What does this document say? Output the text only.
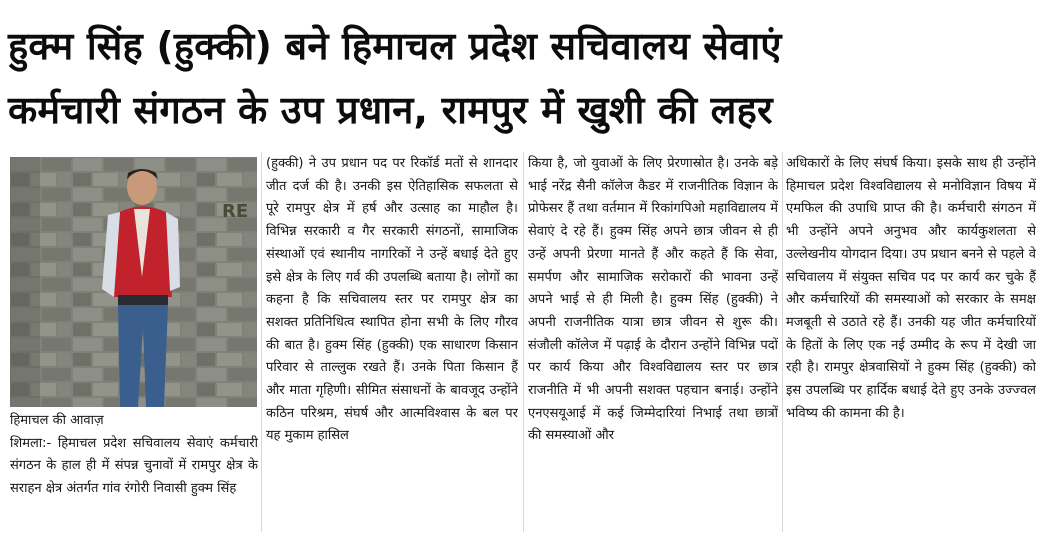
हुक्म सिंह (हुक्की) बने हिमाचल प्रदेश सचिवालय सेवाएं
कर्मचारी संगठन के उप प्रधान, रामपुर में खुशी की लहर
RE
हिमाचल की आवाज़

शिमला:- हिमाचल प्रदेश सचिवालय सेवाएं कर्मचारी संगठन के हाल ही में संपन्न चुनावों में रामपुर क्षेत्र के सराहन क्षेत्र अंतर्गत गांव रंगोरी निवासी हुक्म सिंह

(हुक्की) ने उप प्रधान पद पर रिकॉर्ड मतों से शानदार जीत दर्ज की है। उनकी इस ऐतिहासिक सफलता से पूरे रामपुर क्षेत्र में हर्ष और उत्साह का माहौल है। विभिन्न सरकारी व गैर सरकारी संगठनों, सामाजिक संस्थाओं एवं स्थानीय नागरिकों ने उन्हें बधाई देते हुए इसे क्षेत्र के लिए गर्व की उपलब्धि बताया है। लोगों का कहना है कि सचिवालय स्तर पर रामपुर क्षेत्र का सशक्त प्रतिनिधित्व स्थापित होना सभी के लिए गौरव की बात है। हुक्म सिंह (हुक्की) एक साधारण किसान परिवार से ताल्लुक रखते हैं। उनके पिता किसान हैं और माता गृहिणी। सीमित संसाधनों के बावजूद उन्होंने कठिन परिश्रम, संघर्ष और आत्मविश्वास के बल पर यह मुकाम हासिल

किया है, जो युवाओं के लिए प्रेरणास्रोत है। उनके बड़े भाई नरेंद्र सैनी कॉलेज कैडर में राजनीतिक विज्ञान के प्रोफेसर हैं तथा वर्तमान में रिकांगपिओ महाविद्यालय में सेवाएं दे रहे हैं। हुक्म सिंह अपने छात्र जीवन से ही उन्हें अपनी प्रेरणा मानते हैं और कहते हैं कि सेवा, समर्पण और सामाजिक सरोकारों की भावना उन्हें अपने भाई से ही मिली है। हुक्म सिंह (हुक्की) ने अपनी राजनीतिक यात्रा छात्र जीवन से शुरू की। संजौली कॉलेज में पढ़ाई के दौरान उन्होंने विभिन्न पदों पर कार्य किया और विश्वविद्यालय स्तर पर छात्र राजनीति में भी अपनी सशक्त पहचान बनाई। उन्होंने एनएसयूआई में कई जिम्मेदारियां निभाई तथा छात्रों की समस्याओं और

अधिकारों के लिए संघर्ष किया। इसके साथ ही उन्होंने हिमाचल प्रदेश विश्वविद्यालय से मनोविज्ञान विषय में एमफिल की उपाधि प्राप्त की है। कर्मचारी संगठन में भी उन्होंने अपने अनुभव और कार्यकुशलता से उल्लेखनीय योगदान दिया। उप प्रधान बनने से पहले वे सचिवालय में संयुक्त सचिव पद पर कार्य कर चुके हैं और कर्मचारियों की समस्याओं को सरकार के समक्ष मजबूती से उठाते रहे हैं। उनकी यह जीत कर्मचारियों के हितों के लिए एक नई उम्मीद के रूप में देखी जा रही है। रामपुर क्षेत्रवासियों ने हुक्म सिंह (हुक्की) को इस उपलब्धि पर हार्दिक बधाई देते हुए उनके उज्ज्वल भविष्य की कामना की है।
